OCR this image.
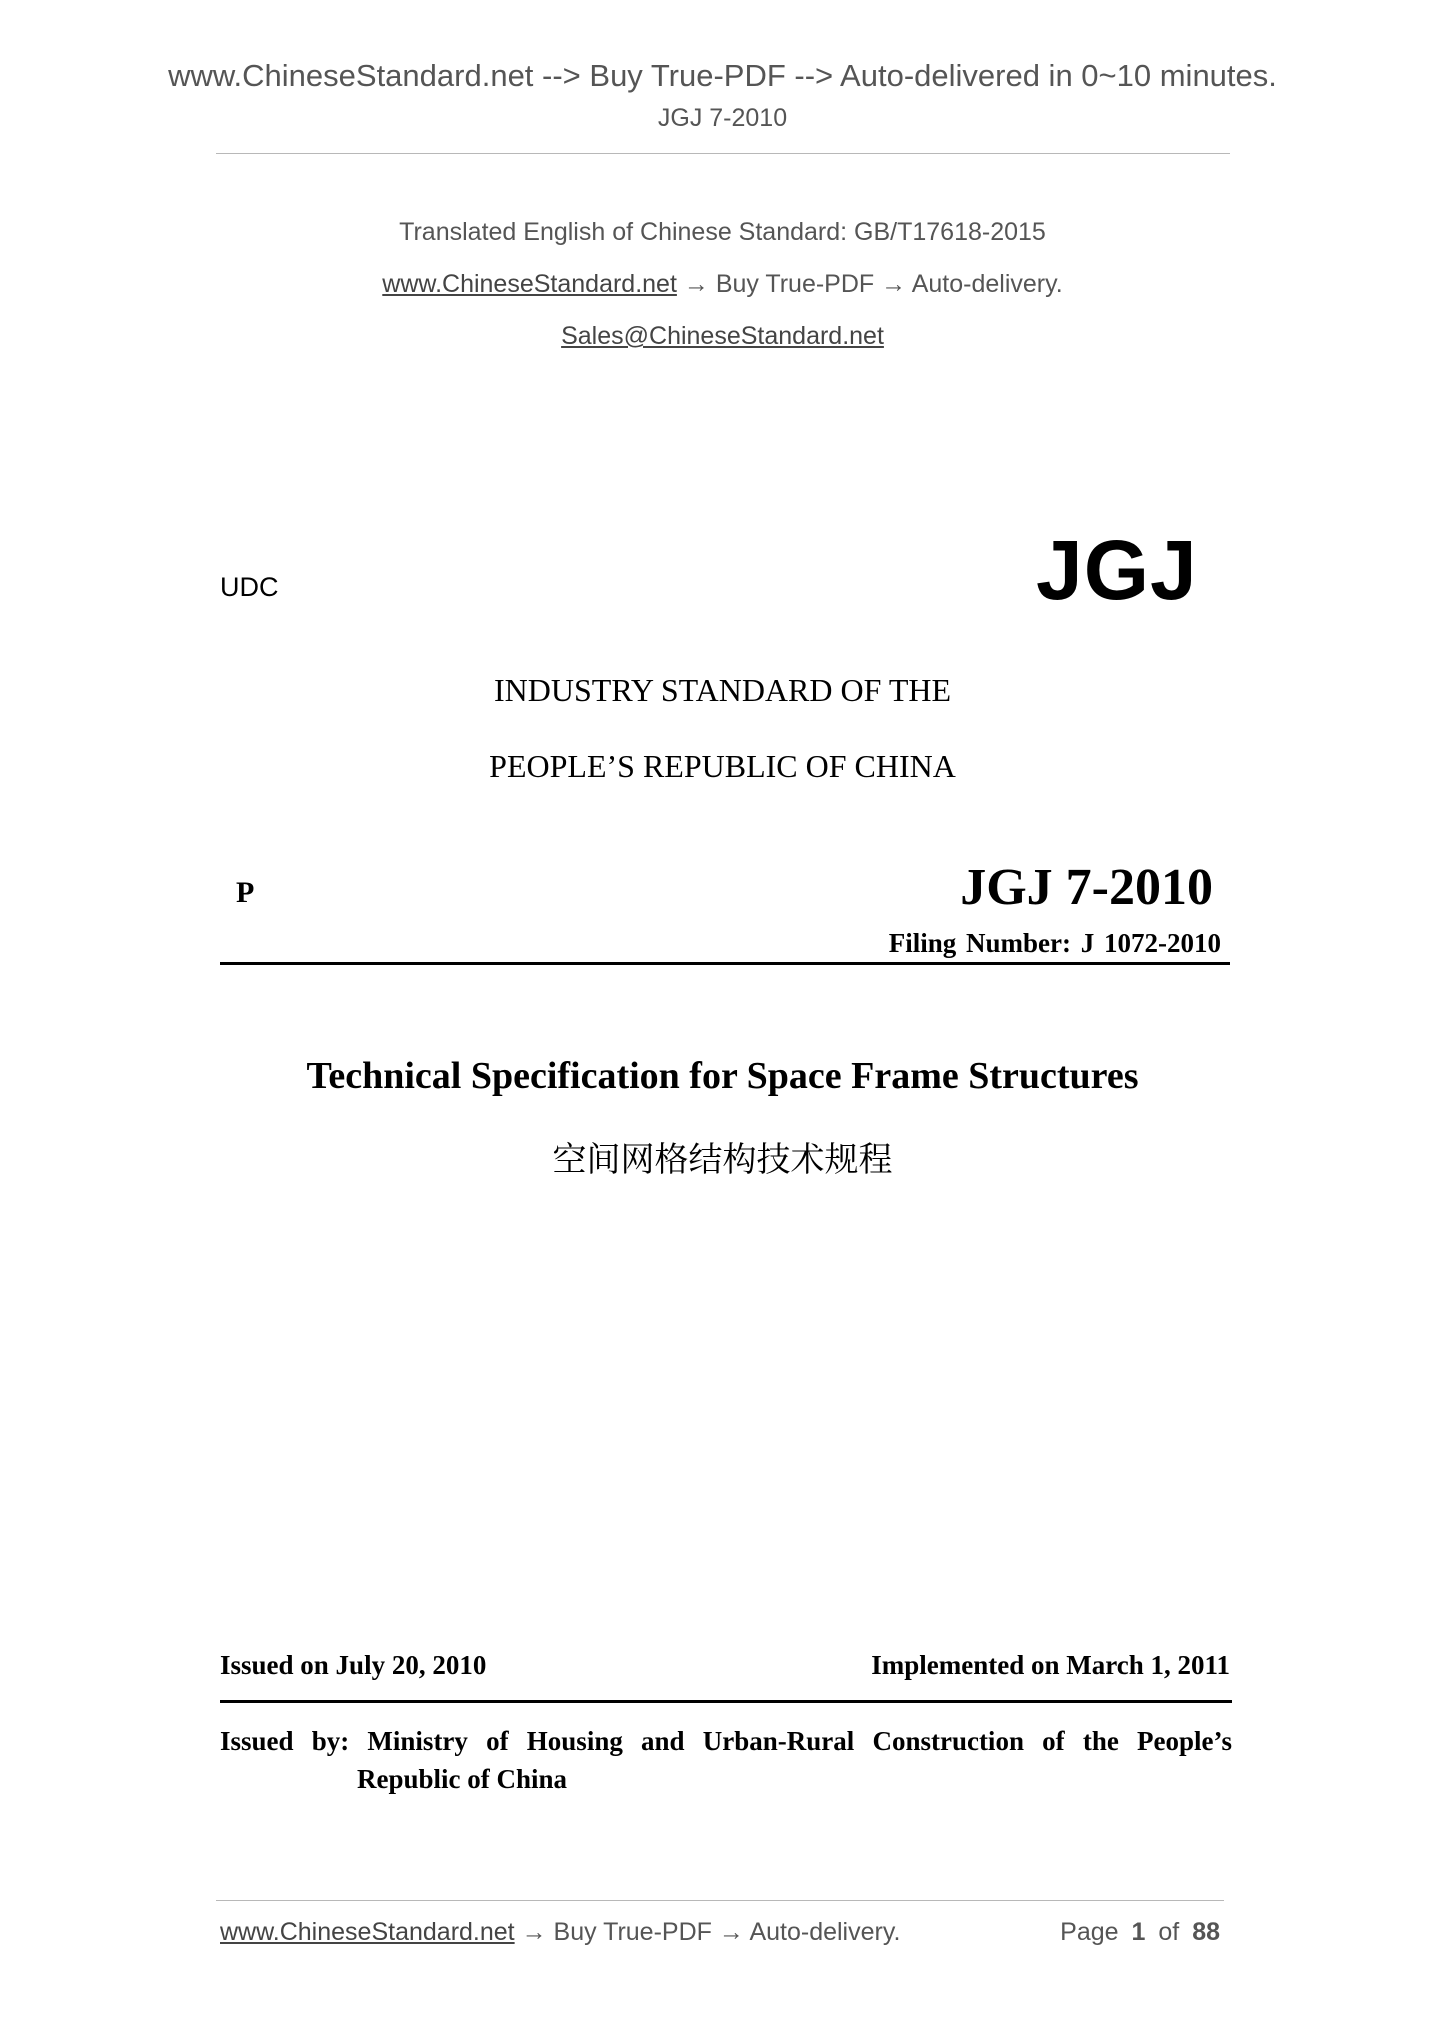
www.ChineseStandard.net --> Buy True-PDF --> Auto-delivered in 0~10 minutes.
JGJ 7-2010
Translated English of Chinese Standard: GB/T17618-2015
www.ChineseStandard.net → Buy True-PDF → Auto-delivery.
Sales@ChineseStandard.net
UDC	JGJ
INDUSTRY STANDARD OF THE
PEOPLE’S REPUBLIC OF CHINA
P	JGJ 7-2010
Filing Number: J 1072-2010
Technical Specification for Space Frame Structures
空间网格结构技术规程
Issued on July 20, 2010	Implemented on March 1, 2011
Issued by: Ministry of Housing and Urban-Rural Construction of the People’s
Republic of China
www.ChineseStandard.net → Buy True-PDF → Auto-delivery.	Page 1 of 88
